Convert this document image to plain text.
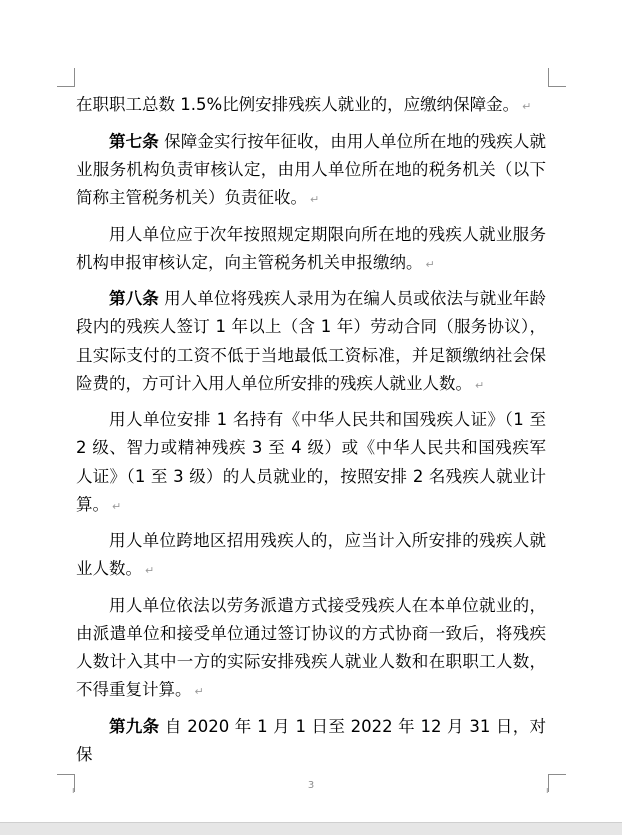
在职职工总数 1.5%比例安排残疾人就业的，应缴纳保障金。 ↵

第七条 保障金实行按年征收，由用人单位所在地的残疾人就业服务机构负责审核认定，由用人单位所在地的税务机关（以下简称主管税务机关）负责征收。 ↵

用人单位应于次年按照规定期限向所在地的残疾人就业服务机构申报审核认定，向主管税务机关申报缴纳。 ↵

第八条 用人单位将残疾人录用为在编人员或依法与就业年龄段内的残疾人签订 1 年以上（含 1 年）劳动合同（服务协议），且实际支付的工资不低于当地最低工资标准，并足额缴纳社会保险费的，方可计入用人单位所安排的残疾人就业人数。 ↵

用人单位安排 1 名持有《中华人民共和国残疾人证》（1 至 2 级、智力或精神残疾 3 至 4 级）或《中华人民共和国残疾军人证》（1 至 3 级）的人员就业的，按照安排 2 名残疾人就业计算。 ↵

用人单位跨地区招用残疾人的，应当计入所安排的残疾人就业人数。 ↵

用人单位依法以劳务派遣方式接受残疾人在本单位就业的，由派遣单位和接受单位通过签订协议的方式协商一致后，将残疾人数计入其中一方的实际安排残疾人就业人数和在职职工人数，不得重复计算。 ↵

第九条 自 2020 年 1 月 1 日至 2022 年 12 月 31 日，对保

ı	3	ı
